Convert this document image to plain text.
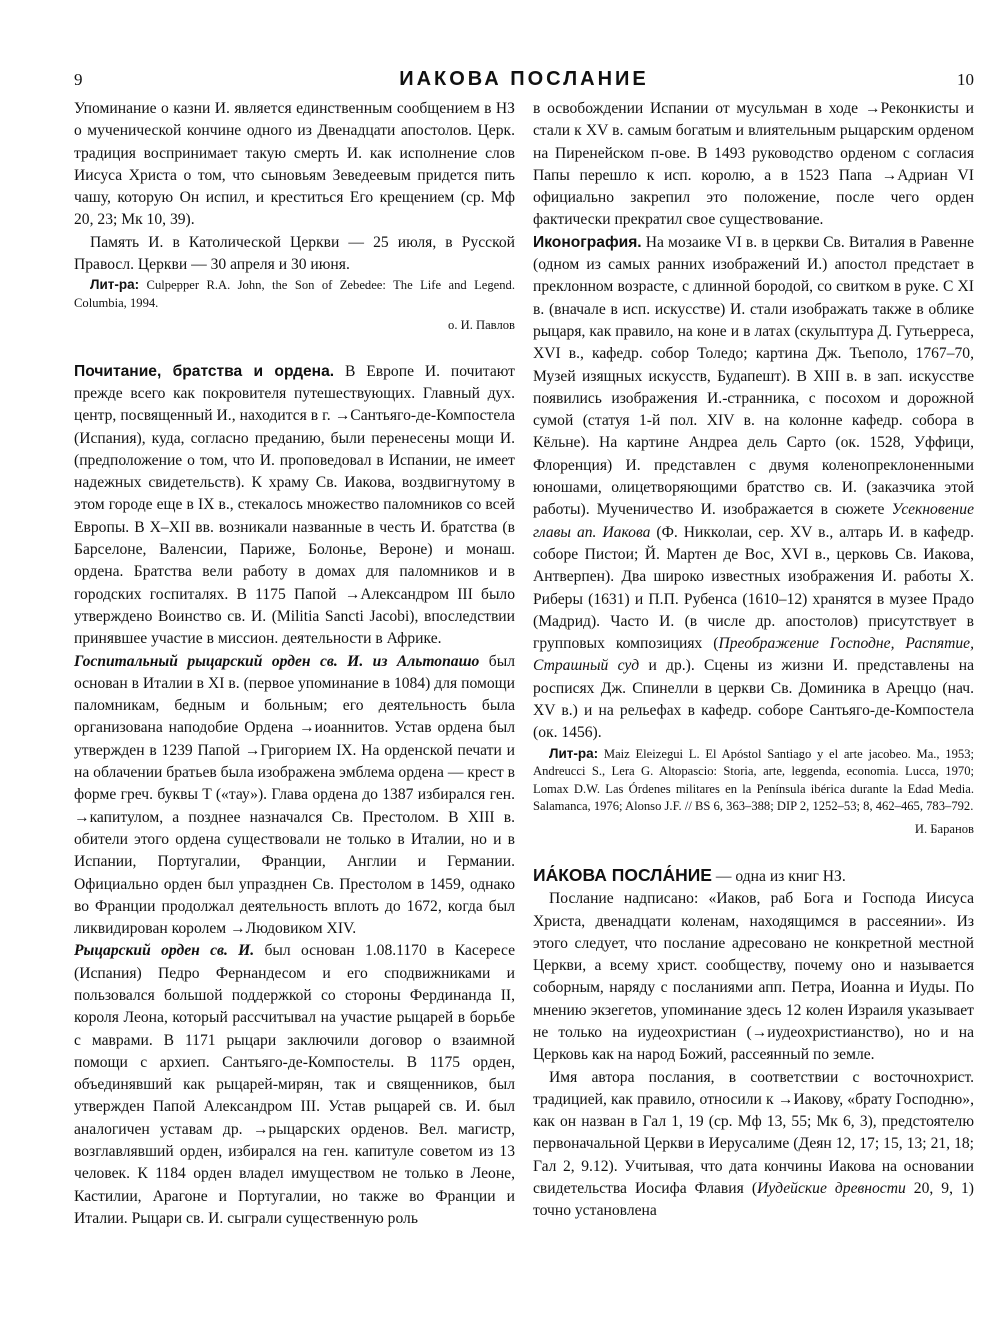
9	ИАКОВА ПОСЛАНИЕ	10

Упоминание о казни И. является единственным сообщением в НЗ о мученической кончине одного из Двенадцати апостолов. Церк. традиция воспринимает такую смерть И. как исполнение слов Иисуса Христа о том, что сыновьям Зеведеевым придется пить чашу, которую Он испил, и креститься Его крещением (ср. Мф 20, 23; Мк 10, 39).

Память И. в Католической Церкви — 25 июля, в Русской Правосл. Церкви — 30 апреля и 30 июня.

Лит-ра: Culpepper R.A. John, the Son of Zebedee: The Life and Legend. Columbia, 1994.

о. И. Павлов

Почитание, братства и ордена. В Европе И. почитают прежде всего как покровителя путешествующих. Главный дух. центр, посвященный И., находится в г. →Сантьяго-де-Компостела (Испания), куда, согласно преданию, были перенесены мощи И. (предположение о том, что И. проповедовал в Испании, не имеет надежных свидетельств). К храму Св. Иакова, воздвигнутому в этом городе еще в IX в., стекалось множество паломников со всей Европы. В X–XII вв. возникали названные в честь И. братства (в Барселоне, Валенсии, Париже, Болонье, Вероне) и монаш. ордена. Братства вели работу в домах для паломников и в городских госпиталях. В 1175 Папой →Александром III было утверждено Воинство св. И. (Militia Sancti Jacobi), впоследствии принявшее участие в миссион. деятельности в Африке.

Госпитальный рыцарский орден св. И. из Альтопашо был основан в Италии в XI в. (первое упоминание в 1084) для помощи паломникам, бедным и больным; его деятельность была организована наподобие Ордена →иоаннитов. Устав ордена был утвержден в 1239 Папой →Григорием IX. На орденской печати и на облачении братьев была изображена эмблема ордена — крест в форме греч. буквы T («тау»). Глава ордена до 1387 избирался ген. →капитулом, а позднее назначался Св. Престолом. В XIII в. обители этого ордена существовали не только в Италии, но и в Испании, Португалии, Франции, Англии и Германии. Официально орден был упразднен Св. Престолом в 1459, однако во Франции продолжал деятельность вплоть до 1672, когда был ликвидирован королем →Людовиком XIV.

Рыцарский орден св. И. был основан 1.08.1170 в Касересе (Испания) Педро Фернандесом и его сподвижниками и пользовался большой поддержкой со стороны Фердинанда II, короля Леона, который рассчитывал на участие рыцарей в борьбе с маврами. В 1171 рыцари заключили договор о взаимной помощи с архиеп. Сантьяго-де-Компостелы. В 1175 орден, объединявший как рыцарей-мирян, так и священников, был утвержден Папой Александром III. Устав рыцарей св. И. был аналогичен уставам др. →рыцарских орденов. Вел. магистр, возглавлявший орден, избирался на ген. капитуле советом из 13 человек. К 1184 орден владел имуществом не только в Леоне, Кастилии, Арагоне и Португалии, но также во Франции и Италии. Рыцари св. И. сыграли существенную роль

в освобождении Испании от мусульман в ходе →Реконкисты и стали к XV в. самым богатым и влиятельным рыцарским орденом на Пиренейском п-ове. В 1493 руководство орденом с согласия Папы перешло к исп. королю, а в 1523 Папа →Адриан VI официально закрепил это положение, после чего орден фактически прекратил свое существование.

Иконография. На мозаике VI в. в церкви Св. Виталия в Равенне (одном из самых ранних изображений И.) апостол предстает в преклонном возрасте, с длинной бородой, со свитком в руке. С XI в. (вначале в исп. искусстве) И. стали изображать также в облике рыцаря, как правило, на коне и в латах (скульптура Д. Гутьерреса, XVI в., кафедр. собор Толедо; картина Дж. Тьеполо, 1767–70, Музей изящных искусств, Будапешт). В XIII в. в зап. искусстве появились изображения И.-странника, с посохом и дорожной сумой (статуя 1-й пол. XIV в. на колонне кафедр. собора в Кёльне). На картине Андреа дель Сарто (ок. 1528, Уффици, Флоренция) И. представлен с двумя коленопреклоненными юношами, олицетворяющими братство св. И. (заказчика этой работы). Мученичество И. изображается в сюжете Усекновение главы ап. Иакова (Ф. Никколаи, сер. XV в., алтарь И. в кафедр. соборе Пистои; Й. Мартен де Вос, XVI в., церковь Св. Иакова, Антверпен). Два широко известных изображения И. работы Х. Риберы (1631) и П.П. Рубенса (1610–12) хранятся в музее Прадо (Мадрид). Часто И. (в числе др. апостолов) присутствует в групповых композициях (Преображение Господне, Распятие, Страшный суд и др.). Сцены из жизни И. представлены на росписях Дж. Спинелли в церкви Св. Доминика в Ареццо (нач. XV в.) и на рельефах в кафедр. соборе Сантьяго-де-Компостела (ок. 1456).

Лит-ра: Maiz Eleizegui L. El Apóstol Santiago y el arte jacobeo. Ma., 1953; Andreucci S., Lera G. Altopascio: Storia, arte, leggenda, economia. Lucca, 1970; Lomax D.W. Las Órdenes militares en la Península ibérica durante la Edad Media. Salamanca, 1976; Alonso J.F. // BS 6, 363–388; DIP 2, 1252–53; 8, 462–465, 783–792.

И. Баранов

ИА́КОВА ПОСЛА́НИЕ — одна из книг НЗ.

Послание надписано: «Иаков, раб Бога и Господа Иисуса Христа, двенадцати коленам, находящимся в рассеянии». Из этого следует, что послание адресовано не конкретной местной Церкви, а всему христ. сообществу, почему оно и называется соборным, наряду с посланиями апп. Петра, Иоанна и Иуды. По мнению экзегетов, упоминание здесь 12 колен Израиля указывает не только на иудеохристиан (→иудеохристианство), но и на Церковь как на народ Божий, рассеянный по земле.

Имя автора послания, в соответствии с восточнохрист. традицией, как правило, относили к →Иакову, «брату Господню», как он назван в Гал 1, 19 (ср. Мф 13, 55; Мк 6, 3), предстоятелю первоначальной Церкви в Иерусалиме (Деян 12, 17; 15, 13; 21, 18; Гал 2, 9.12). Учитывая, что дата кончины Иакова на основании свидетельства Иосифа Флавия (Иудейские древности 20, 9, 1) точно установлена
